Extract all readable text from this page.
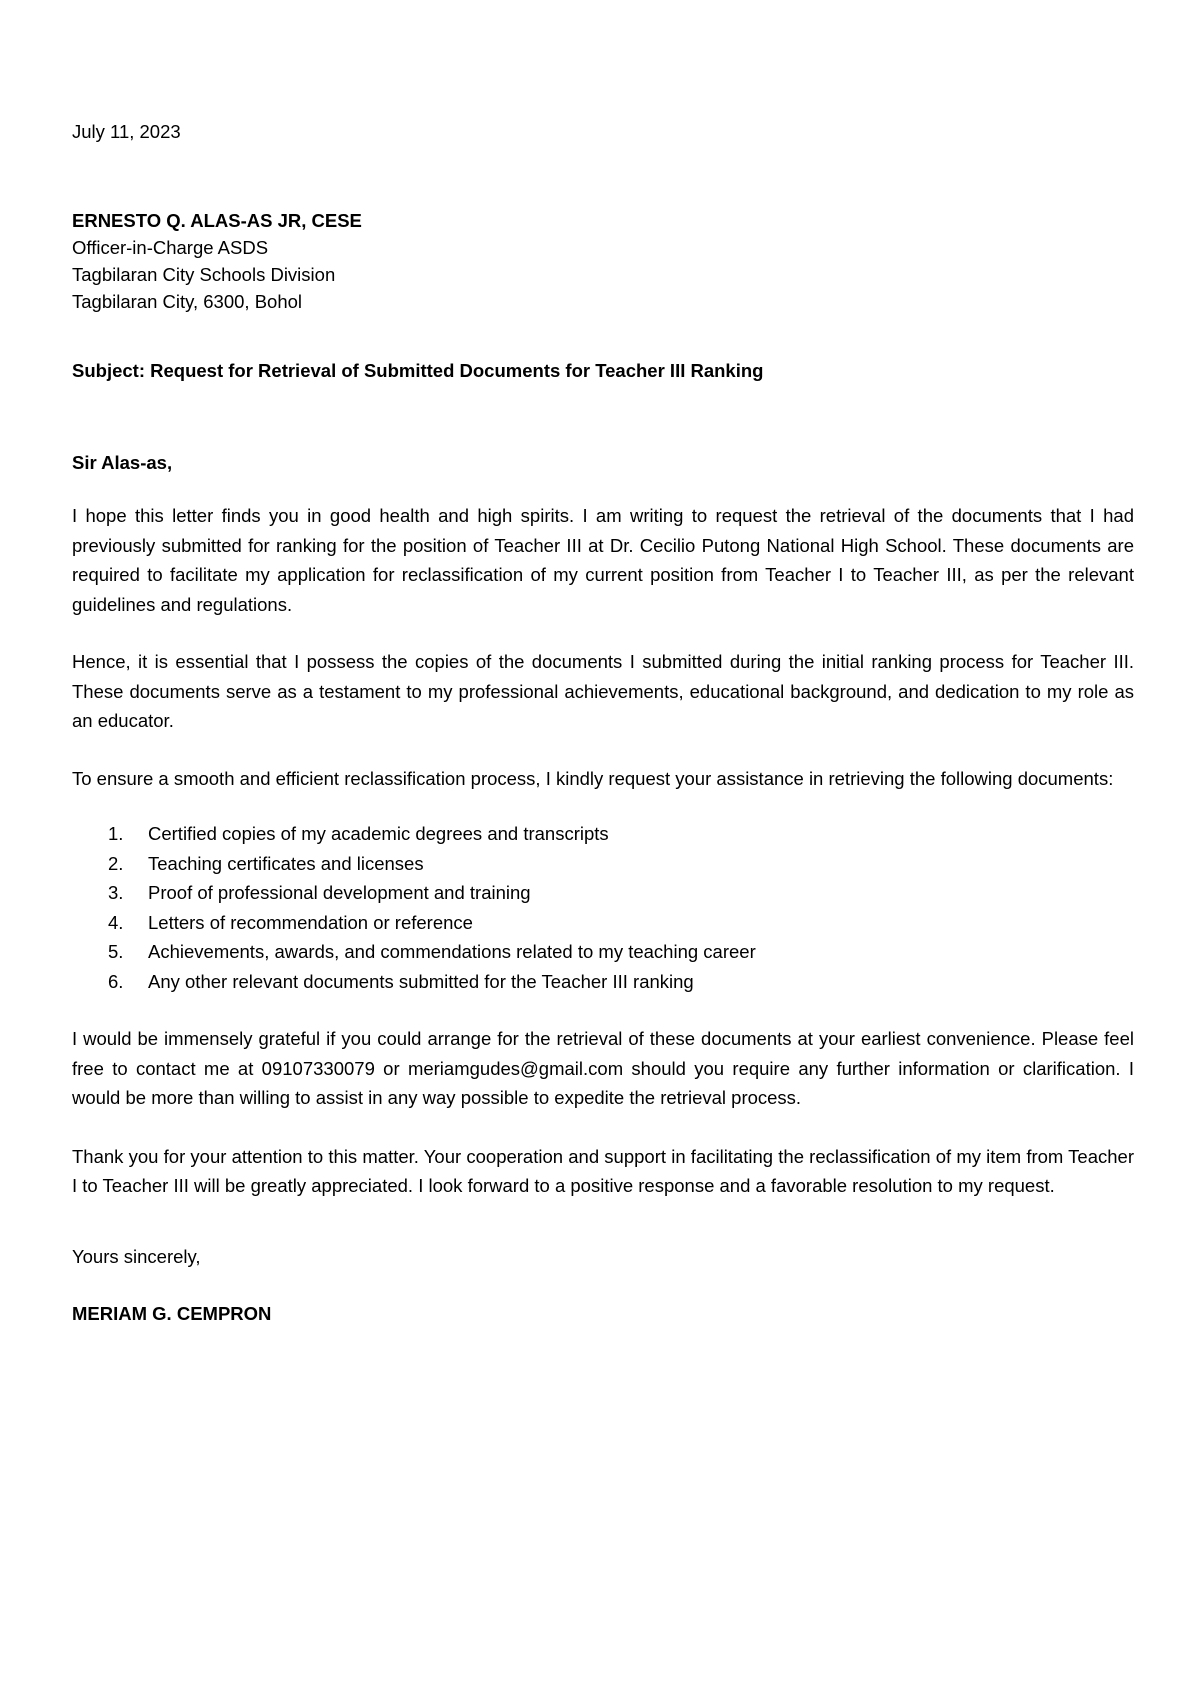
July 11, 2023
ERNESTO Q. ALAS-AS JR, CESE
Officer-in-Charge ASDS
Tagbilaran City Schools Division
Tagbilaran City, 6300, Bohol
Subject: Request for Retrieval of Submitted Documents for Teacher III Ranking
Sir Alas-as,

I hope this letter finds you in good health and high spirits. I am writing to request the retrieval of the documents that I had previously submitted for ranking for the position of Teacher III at Dr. Cecilio Putong National High School. These documents are required to facilitate my application for reclassification of my current position from Teacher I to Teacher III, as per the relevant guidelines and regulations.

Hence, it is essential that I possess the copies of the documents I submitted during the initial ranking process for Teacher III. These documents serve as a testament to my professional achievements, educational background, and dedication to my role as an educator.

To ensure a smooth and efficient reclassification process, I kindly request your assistance in retrieving the following documents:

1.	Certified copies of my academic degrees and transcripts
2.	Teaching certificates and licenses
3.	Proof of professional development and training
4.	Letters of recommendation or reference
5.	Achievements, awards, and commendations related to my teaching career
6.	Any other relevant documents submitted for the Teacher III ranking

I would be immensely grateful if you could arrange for the retrieval of these documents at your earliest convenience. Please feel free to contact me at 09107330079 or meriamgudes@gmail.com should you require any further information or clarification. I would be more than willing to assist in any way possible to expedite the retrieval process.

Thank you for your attention to this matter. Your cooperation and support in facilitating the reclassification of my item from Teacher I to Teacher III will be greatly appreciated. I look forward to a positive response and a favorable resolution to my request.

Yours sincerely,
MERIAM G. CEMPRON
